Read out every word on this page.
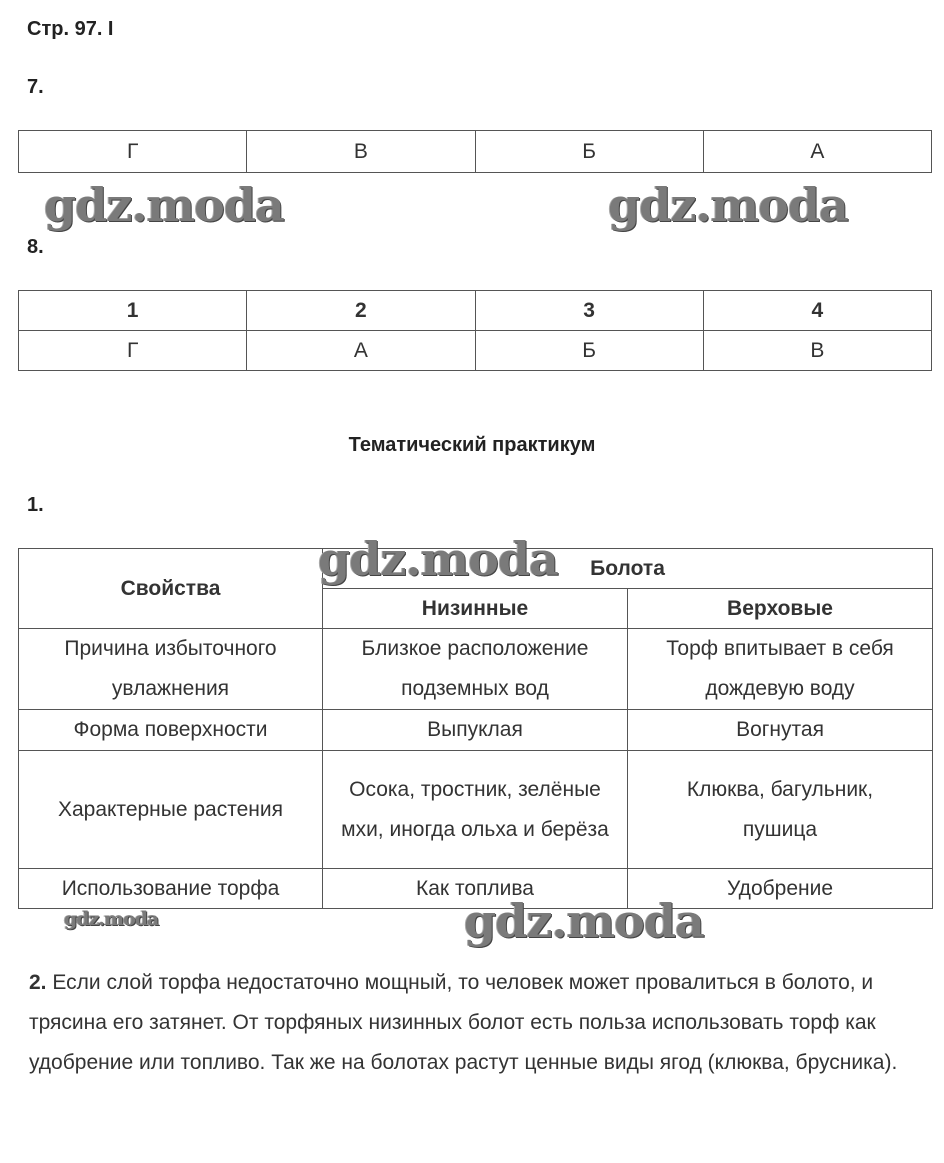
Стр. 97. Ι
7.
Г	В	Б	А
gdz.moda	gdz.moda
8.
1	2	3	4
Г	А	Б	В
Тематический практикум
1.
Свойства	Болота	
	Низинные	Верховые
Причина избыточного увлажнения	Близкое расположение подземных вод	Торф впитывает в себя дождевую воду
Форма поверхности	Выпуклая	Вогнутая
Характерные растения	Осока, тростник, зелёные мхи, иногда ольха и берёза	Клюква, багульник, пушица
Использование торфа	Как топлива	Удобрение
gdz.moda
gdz.moda	gdz.moda
2. Если слой торфа недостаточно мощный, то человек может провалиться в болото, и трясина его затянет. От торфяных низинных болот есть польза использовать торф как удобрение или топливо. Так же на болотах растут ценные виды ягод (клюква, брусника).
